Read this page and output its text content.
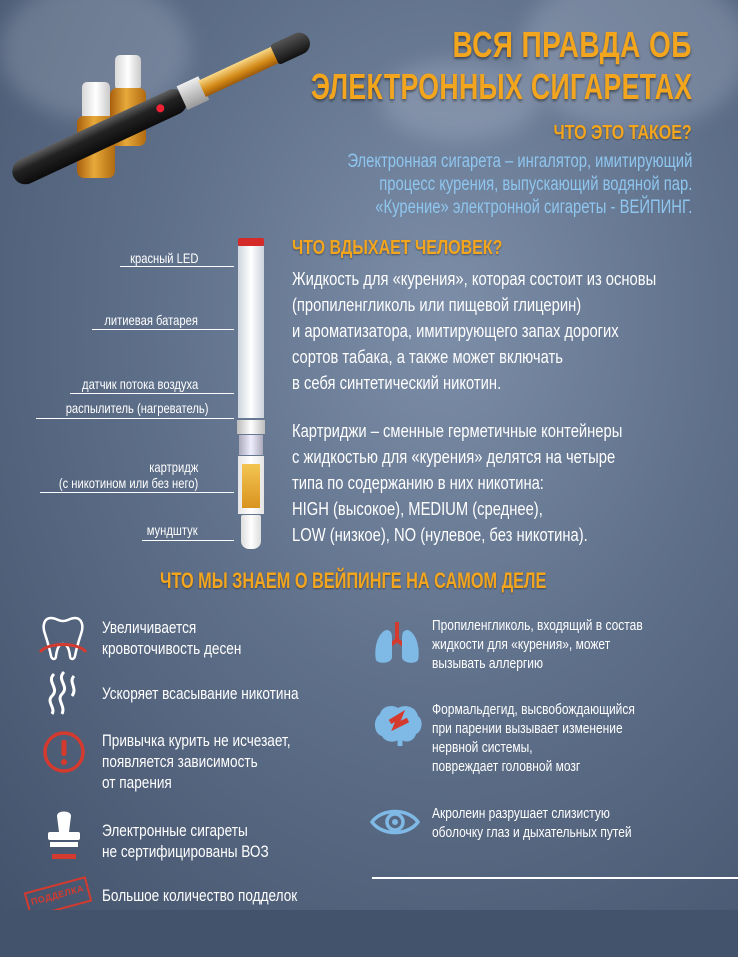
ВСЯ ПРАВДА ОБ
ЭЛЕКТРОННЫХ СИГАРЕТАХ
ЧТО ЭТО ТАКОЕ?
Электронная сигарета – ингалятор, имитирующий
процесс курения, выпускающий водяной пар.
«Курение» электронной сигареты - ВЕЙПИНГ.
красный LED
литиевая батарея
датчик потока воздуха
распылитель (нагреватель)
картридж
(с никотином или без него)
мундштук
ЧТО ВДЫХАЕТ ЧЕЛОВЕК?
Жидкость для «курения», которая состоит из основы
(пропиленгликоль или пищевой глицерин)
и ароматизатора, имитирующего запах дорогих
сортов табака, а также может включать
в себя синтетический никотин.
Картриджи – сменные герметичные контейнеры
с жидкостью для «курения» делятся на четыре
типа по содержанию в них никотина:
HIGH (высокое), MEDIUM (среднее),
LOW (низкое), NO (нулевое, без никотина).
ЧТО МЫ ЗНАЕМ О ВЕЙПИНГЕ НА САМОМ ДЕЛЕ
ПОДДЕЛКА
Увеличивается
кровоточивость десен
Ускоряет всасывание никотина
Привычка курить не исчезает,
появляется зависимость
от парения
Электронные сигареты
не сертифицированы ВОЗ
Большое количество подделок
Пропиленгликоль, входящий в состав
жидкости для «курения», может
вызывать аллергию
Формальдегид, высвобождающийся
при парении вызывает изменение
нервной системы,
повреждает головной мозг
Акролеин разрушает слизистую
оболочку глаз и дыхательных путей
